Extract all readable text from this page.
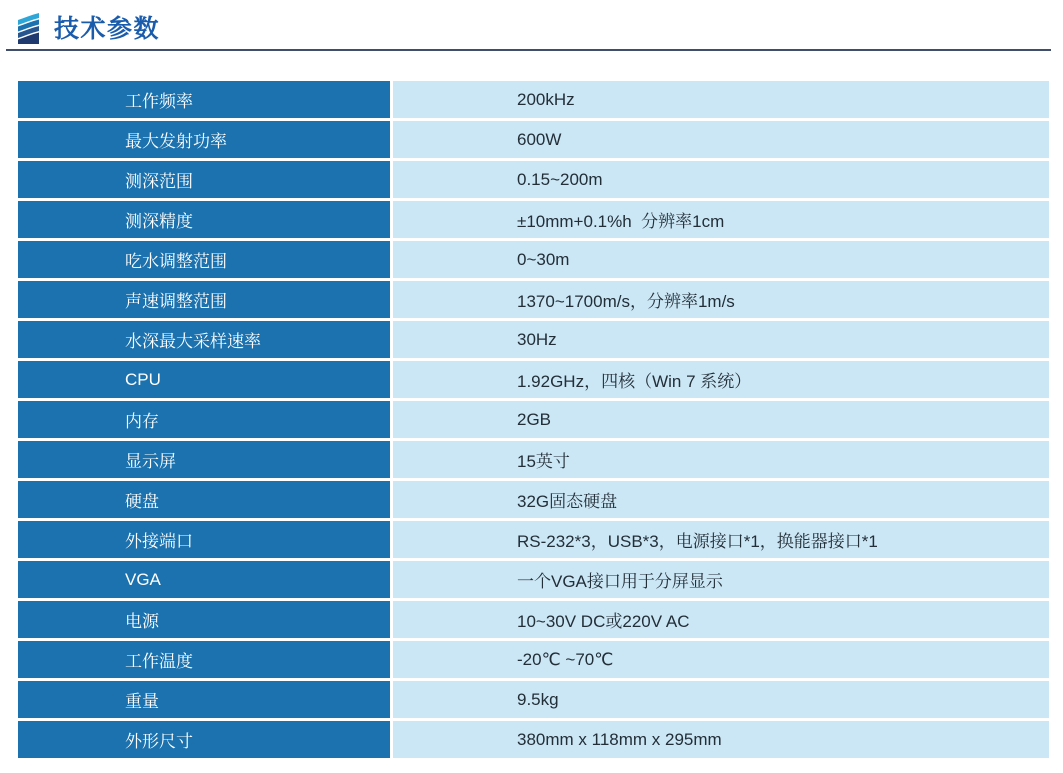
技术参数
工作频率	200kHz
最大发射功率	600W
测深范围	0.15~200m
测深精度	±10mm+0.1%h  分辨率1cm
吃水调整范围	0~30m
声速调整范围	1370~1700m/s，分辨率1m/s
水深最大采样速率	30Hz
CPU	1.92GHz，四核（Win 7 系统）
内存	2GB
显示屏	15英寸
硬盘	32G固态硬盘
外接端口	RS-232*3，USB*3，电源接口*1，换能器接口*1
VGA	一个VGA接口用于分屏显示
电源	10~30V DC或220V AC
工作温度	-20℃ ~70℃
重量	9.5kg
外形尺寸	380mm x 118mm x 295mm
